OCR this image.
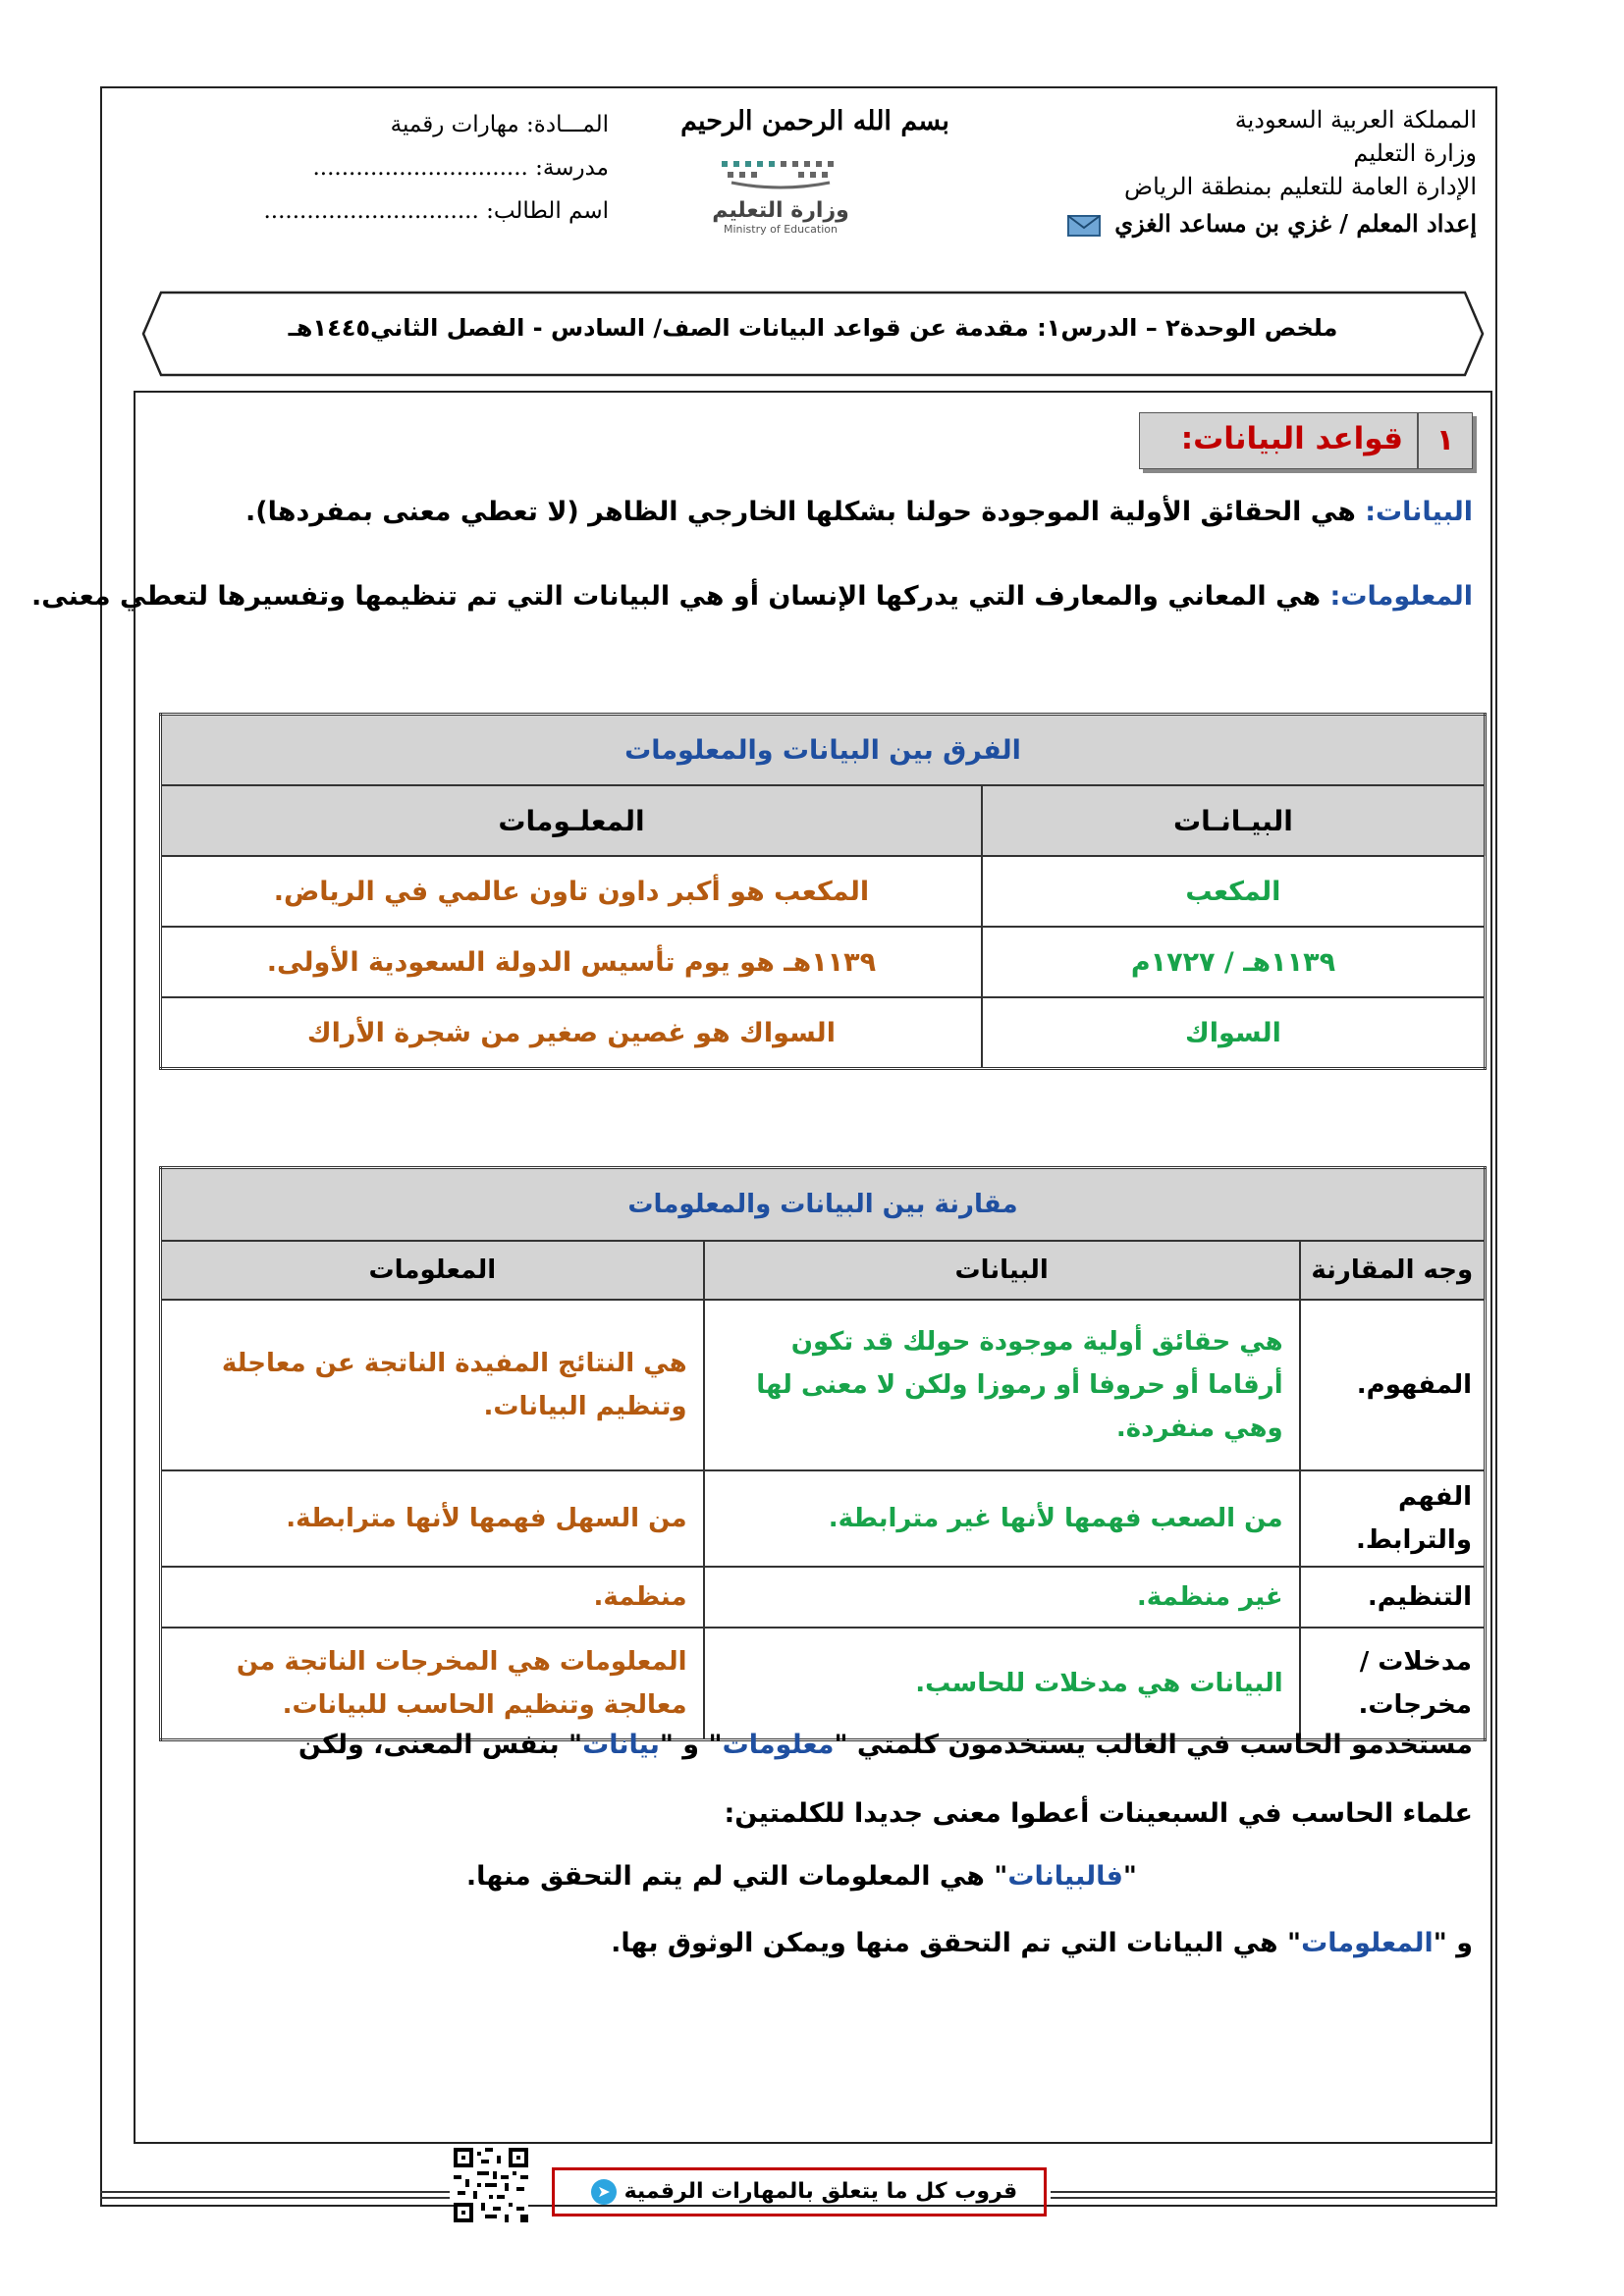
المملكة العربية السعودية
وزارة التعليم
الإدارة العامة للتعليم بمنطقة الرياض
إعداد المعلم / غزي بن مساعد الغزي
بسم الله الرحمن الرحيم
وزارة التعليم
Ministry of Education
المـــادة: مهارات رقمية
مدرسة: ..............................
اسم الطالب: ..............................
ملخص الوحدة٢ – الدرس١: مقدمة عن قواعد البيانات الصف/ السادس - الفصل الثاني١٤٤٥هـ
١
قواعد البيانات:
البيانات: هي الحقائق الأولية الموجودة حولنا بشكلها الخارجي الظاهر (لا تعطي معنى بمفردها).
المعلومات: هي المعاني والمعارف التي يدركها الإنسان أو هي البيانات التي تم تنظيمها وتفسيرها لتعطي معنى.
الفرق بين البيانات والمعلومات	
البيـانـات	المعلـومات
المكعب	المكعب هو أكبر داون تاون عالمي في الرياض.
١١٣٩هـ / ١٧٢٧م	١١٣٩هـ هو يوم تأسيس الدولة السعودية الأولى.
السواك	السواك هو غصين صغير من شجرة الأراك
مقارنة بين البيانات والمعلومات		
وجه المقارنة	البيانات	المعلومات
المفهوم.	هي حقائق أولية موجودة حولك قد تكون أرقاما أو حروفا أو رموزا ولكن لا معنى لها وهي منفردة.	هي النتائج المفيدة الناتجة عن معاجلة وتنظيم البيانات.
الفهم والترابط.	من الصعب فهمها لأنها غير مترابطة.	من السهل فهمها لأنها مترابطة.
التنظيم.	غير منظمة.	منظمة.
مدخلات / مخرجات.	البيانات هي مدخلات للحاسب.	المعلومات هي المخرجات الناتجة من معالجة وتنظيم الحاسب للبيانات.
مستخدمو الحاسب في الغالب يستخدمون كلمتي "معلومات" و "بيانات" بنفس المعنى، ولكن
علماء الحاسب في السبعينات أعطوا معنى جديدا للكلمتين:
"فالبيانات" هي المعلومات التي لم يتم التحقق منها.
و "المعلومات" هي البيانات التي تم التحقق منها ويمكن الوثوق بها.
قروب كل ما يتعلق بالمهارات الرقمية ➤
